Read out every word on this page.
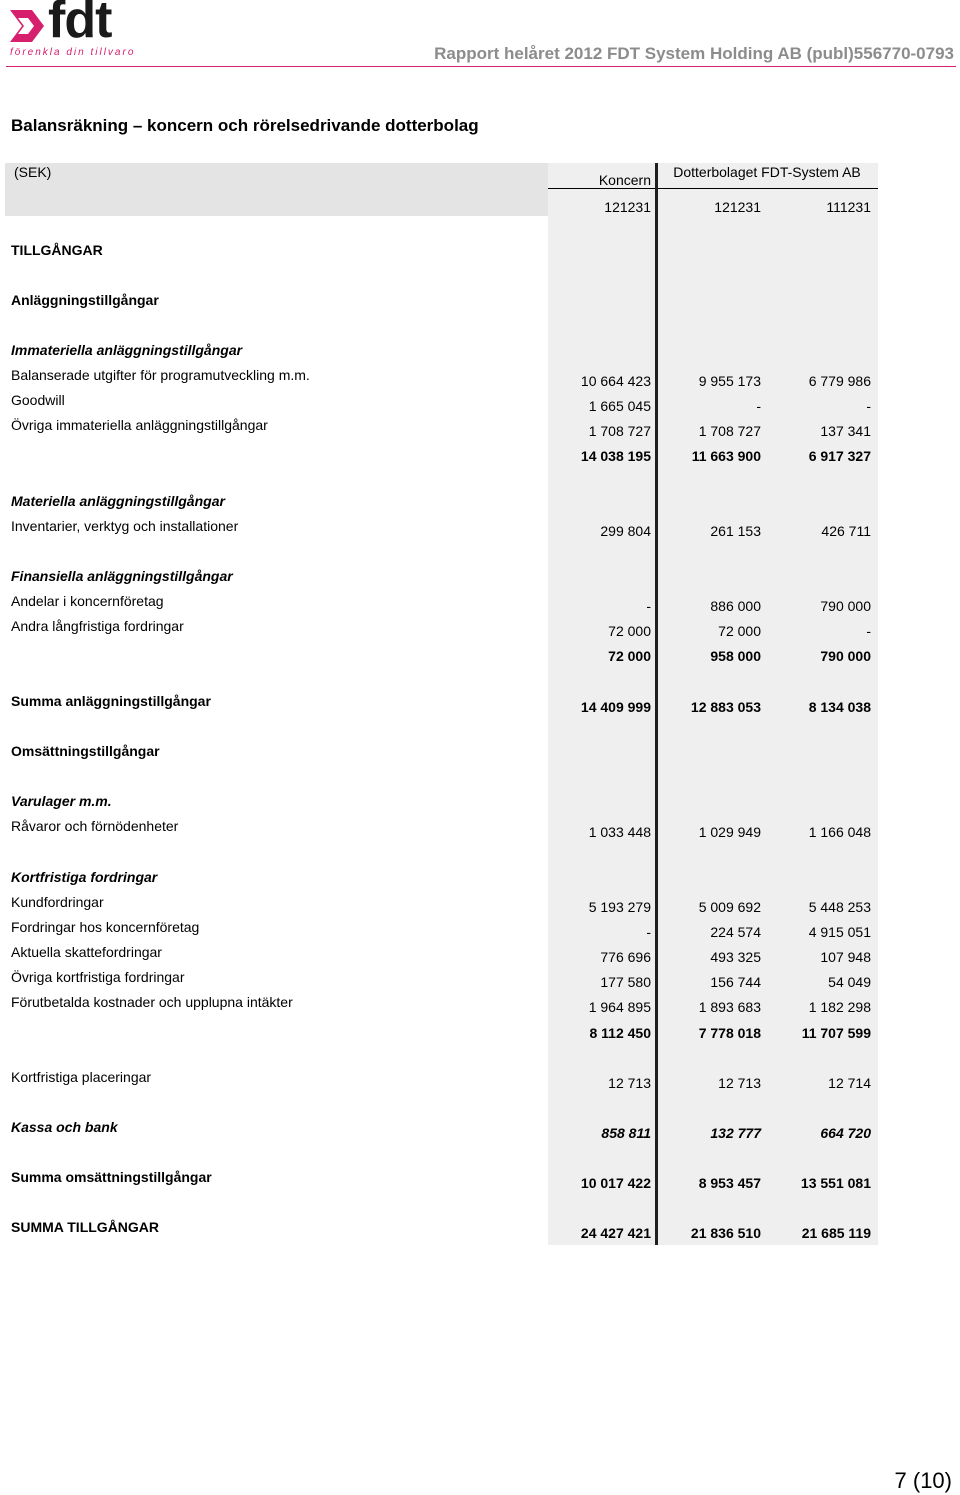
fdt
förenkla din tillvaro	Rapport helåret 2012 FDT System Holding AB (publ)556770-0793
Balansräkning – koncern och rörelsedrivande dotterbolag
(SEK)	Koncern	Dotterbolaget FDT-System AB
121231	121231	111231
TILLGÅNGAR
Anläggningstillgångar
Immateriella anläggningstillgångar
Balanserade utgifter för programutveckling m.m.	10 664 423	9 955 173	6 779 986
Goodwill	1 665 045	-	-
Övriga immateriella anläggningstillgångar	1 708 727	1 708 727	137 341
14 038 195	11 663 900	6 917 327
Materiella anläggningstillgångar
Inventarier, verktyg och installationer	299 804	261 153	426 711
Finansiella anläggningstillgångar
Andelar i koncernföretag	-	886 000	790 000
Andra långfristiga fordringar	72 000	72 000	-
72 000	958 000	790 000
Summa anläggningstillgångar	14 409 999	12 883 053	8 134 038
Omsättningstillgångar
Varulager m.m.
Råvaror och förnödenheter	1 033 448	1 029 949	1 166 048
Kortfristiga fordringar
Kundfordringar	5 193 279	5 009 692	5 448 253
Fordringar hos koncernföretag	-	224 574	4 915 051
Aktuella skattefordringar	776 696	493 325	107 948
Övriga kortfristiga fordringar	177 580	156 744	54 049
Förutbetalda kostnader och upplupna intäkter	1 964 895	1 893 683	1 182 298
8 112 450	7 778 018	11 707 599
Kortfristiga placeringar	12 713	12 713	12 714
Kassa och bank	858 811	132 777	664 720
Summa omsättningstillgångar	10 017 422	8 953 457	13 551 081
SUMMA TILLGÅNGAR	24 427 421	21 836 510	21 685 119
7 (10)
